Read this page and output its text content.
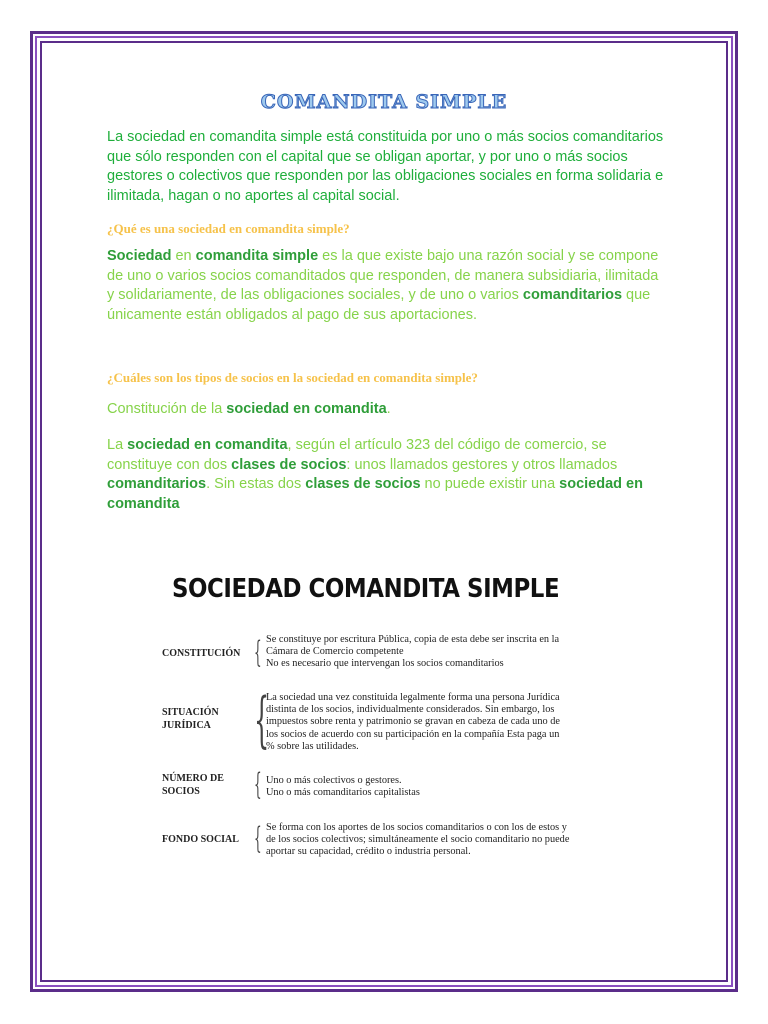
COMANDITA SIMPLE

La sociedad en comandita simple está constituida por uno o más socios comanditarios que sólo responden con el capital que se obligan aportar, y por uno o más socios gestores o colectivos que responden por las obligaciones sociales en forma solidaria e ilimitada, hagan o no aportes al capital social.

¿Qué es una sociedad en comandita simple?

Sociedad en comandita simple es la que existe bajo una razón social y se compone de uno o varios socios comanditados que responden, de manera subsidiaria, ilimitada y solidariamente, de las obligaciones sociales, y de uno o varios comanditarios que únicamente están obligados al pago de sus aportaciones.

¿Cuáles son los tipos de socios en la sociedad en comandita simple?

Constitución de la sociedad en comandita.

La sociedad en comandita, según el artículo 323 del código de comercio, se constituye con dos clases de socios: unos llamados gestores y otros llamados comanditarios. Sin estas dos clases de socios no puede existir una sociedad en comandita

SOCIEDAD COMANDITA SIMPLE

CONSTITUCIÓN { Se constituye por escritura Pública, copia de esta debe ser inscrita en la
Cámara de Comercio competente
No es necesario que intervengan los socios comanditarios
SITUACIÓN JURÍDICA {
La sociedad una vez constituida legalmente forma una persona Jurídica
distinta de los socios, individualmente considerados. Sin embargo, los
impuestos sobre renta y patrimonio se gravan en cabeza de cada uno de
los socios de acuerdo con su participación en la compañía Esta paga un
% sobre las utilidades.
NÚMERO DE SOCIOS	{ Uno o más colectivos o gestores.
Uno o más comanditarios capitalistas
FONDO SOCIAL { Se forma con los aportes de los socios comanditarios o con los de estos y
de los socios colectivos; simultáneamente el socio comanditario no puede
aportar su capacidad, crédito o industria personal.
